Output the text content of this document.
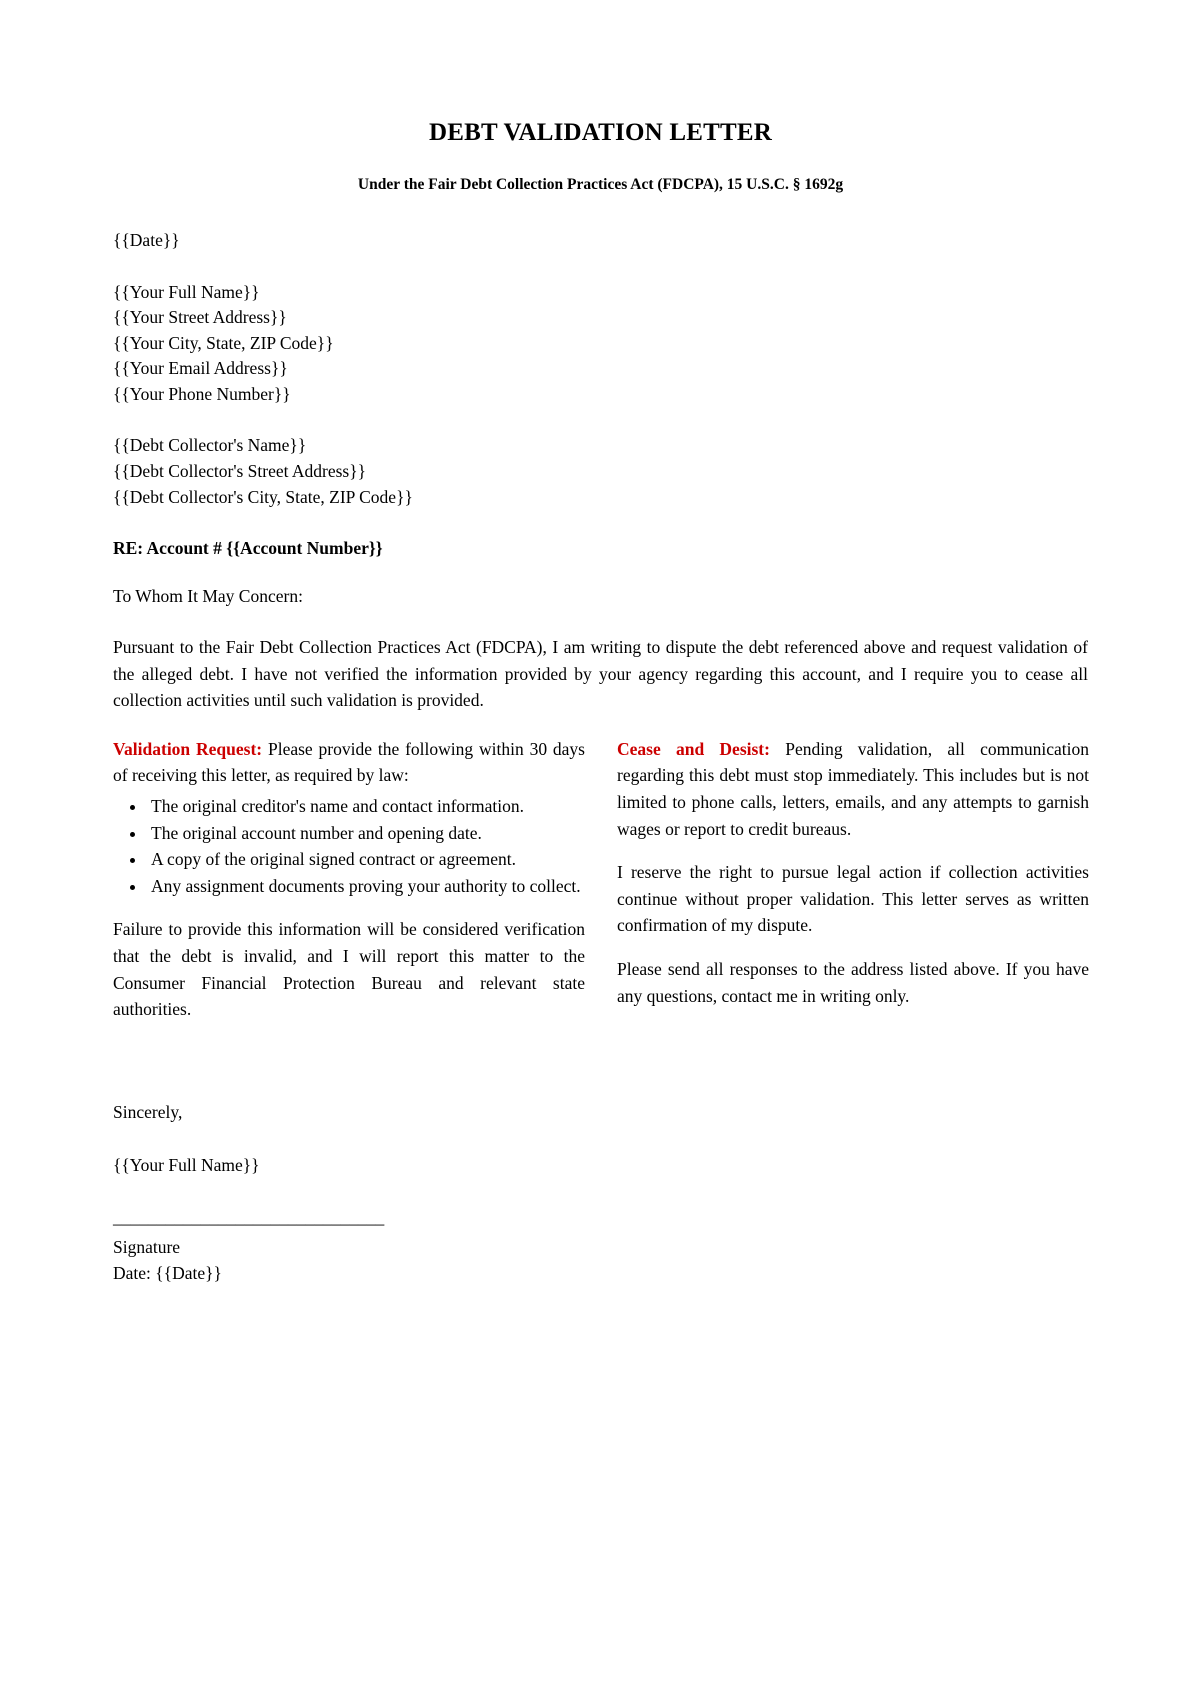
DEBT VALIDATION LETTER
Under the Fair Debt Collection Practices Act (FDCPA), 15 U.S.C. § 1692g
{{Date}}
{{Your Full Name}}
{{Your Street Address}}
{{Your City, State, ZIP Code}}
{{Your Email Address}}
{{Your Phone Number}}
{{Debt Collector's Name}}
{{Debt Collector's Street Address}}
{{Debt Collector's City, State, ZIP Code}}
RE: Account # {{Account Number}}
To Whom It May Concern:

Pursuant to the Fair Debt Collection Practices Act (FDCPA), I am writing to dispute the debt referenced above and request validation of the alleged debt. I have not verified the information provided by your agency regarding this account, and I require you to cease all collection activities until such validation is provided.

Validation Request: Please provide the following within 30 days of receiving this letter, as required by law:

• The original creditor's name and contact information.
• The original account number and opening date.
• A copy of the original signed contract or agreement.
• Any assignment documents proving your authority to collect.

Failure to provide this information will be considered verification that the debt is invalid, and I will report this matter to the Consumer Financial Protection Bureau and relevant state authorities.

Cease and Desist: Pending validation, all communication regarding this debt must stop immediately. This includes but is not limited to phone calls, letters, emails, and any attempts to garnish wages or report to credit bureaus.

I reserve the right to pursue legal action if collection activities continue without proper validation. This letter serves as written confirmation of my dispute.

Please send all responses to the address listed above. If you have any questions, contact me in writing only.

Sincerely,
{{Your Full Name}}
_______________________________
Signature
Date: {{Date}}
